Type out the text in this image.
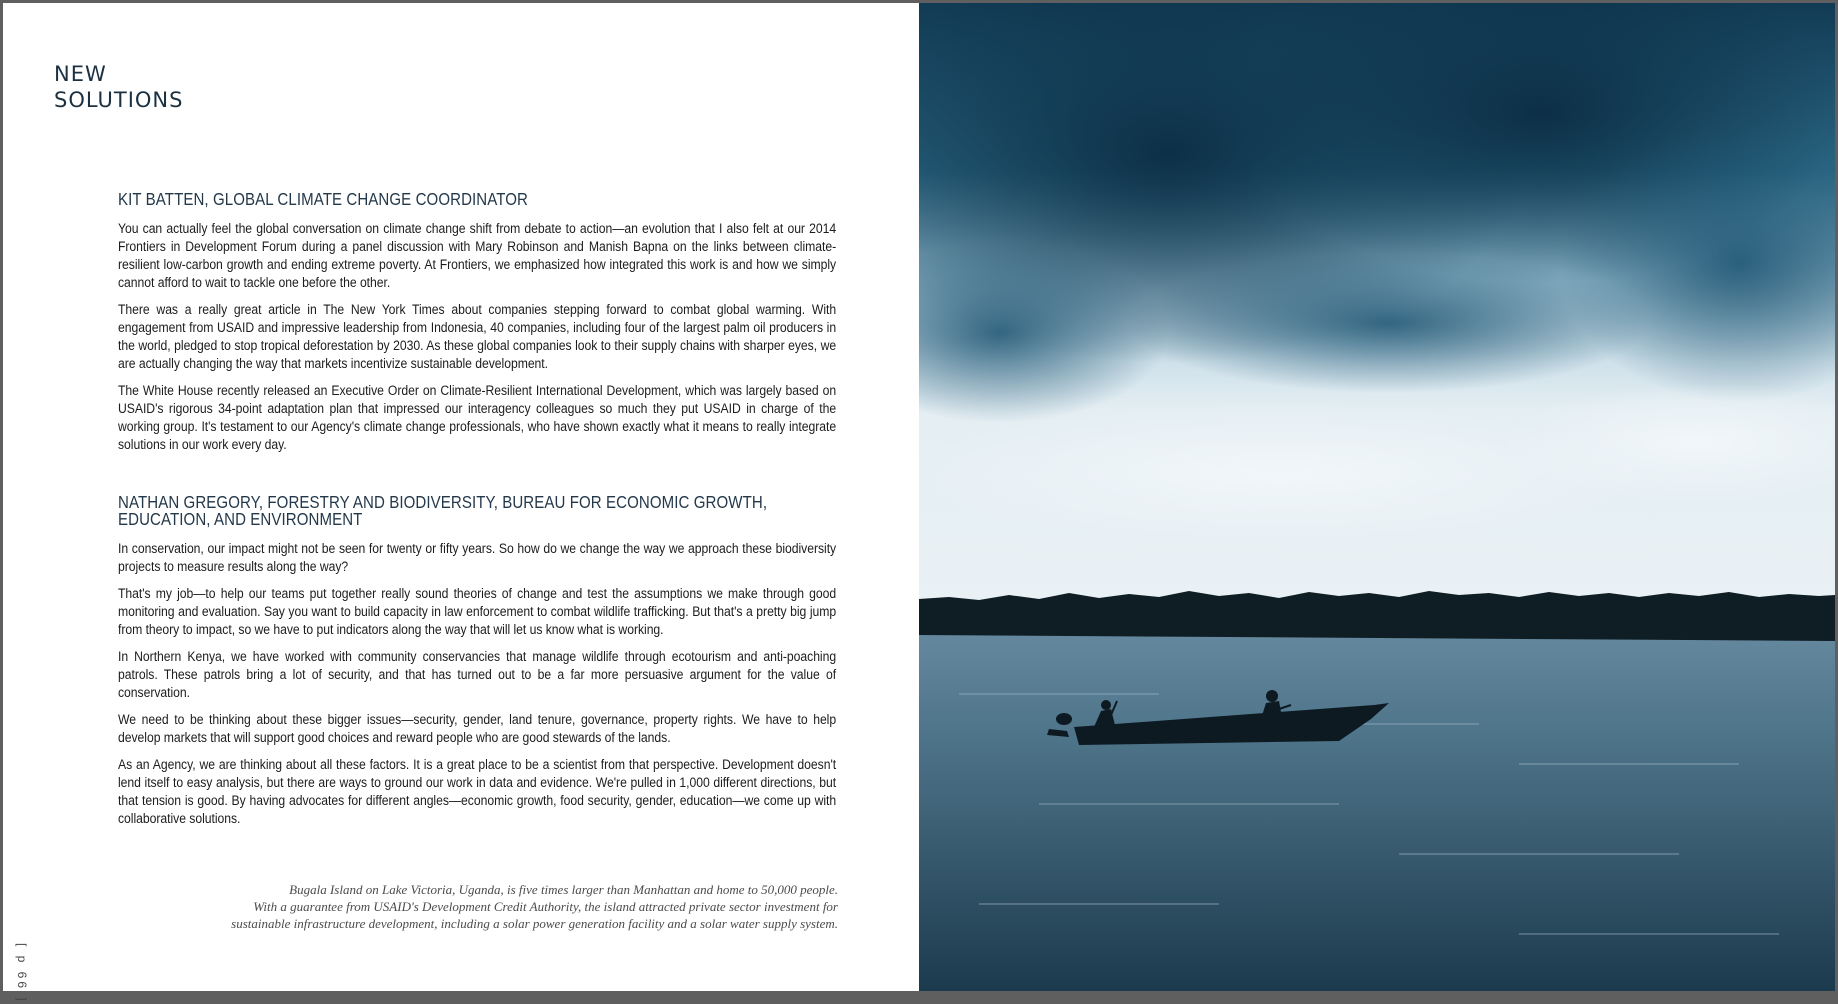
NEW
SOLUTIONS
KIT BATTEN, GLOBAL CLIMATE CHANGE COORDINATOR

You can actually feel the global conversation on climate change shift from debate to action—an evolution that I also felt at our 2014 Frontiers in Development Forum during a panel discussion with Mary Robinson and Manish Bapna on the links between climate-resilient low-carbon growth and ending extreme poverty. At Frontiers, we emphasized how integrated this work is and how we simply cannot afford to wait to tackle one before the other.

There was a really great article in The New York Times about companies stepping forward to combat global warming. With engagement from USAID and impressive leadership from Indonesia, 40 companies, including four of the largest palm oil producers in the world, pledged to stop tropical deforestation by 2030. As these global companies look to their supply chains with sharper eyes, we are actually changing the way that markets incentivize sustainable development.

The White House recently released an Executive Order on Climate-Resilient International Development, which was largely based on USAID's rigorous 34-point adaptation plan that impressed our interagency colleagues so much they put USAID in charge of the working group. It's testament to our Agency's climate change professionals, who have shown exactly what it means to really integrate solutions in our work every day.

NATHAN GREGORY, FORESTRY AND BIODIVERSITY, BUREAU FOR ECONOMIC GROWTH, EDUCATION, AND ENVIRONMENT

In conservation, our impact might not be seen for twenty or fifty years. So how do we change the way we approach these biodiversity projects to measure results along the way?

That's my job—to help our teams put together really sound theories of change and test the assumptions we make through good monitoring and evaluation. Say you want to build capacity in law enforcement to combat wildlife trafficking. But that's a pretty big jump from theory to impact, so we have to put indicators along the way that will let us know what is working.

In Northern Kenya, we have worked with community conservancies that manage wildlife through ecotourism and anti-poaching patrols. These patrols bring a lot of security, and that has turned out to be a far more persuasive argument for the value of conservation.

We need to be thinking about these bigger issues—security, gender, land tenure, governance, property rights. We have to help develop markets that will support good choices and reward people who are good stewards of the lands.

As an Agency, we are thinking about all these factors. It is a great place to be a scientist from that perspective. Development doesn't lend itself to easy analysis, but there are ways to ground our work in data and evidence. We're pulled in 1,000 different directions, but that tension is good. By having advocates for different angles—economic growth, food security, gender, education—we come up with collaborative solutions.

Bugala Island on Lake Victoria, Uganda, is five times larger than Manhattan and home to 50,000 people.
With a guarantee from USAID's Development Credit Authority, the island attracted private sector investment for
sustainable infrastructure development, including a solar power generation facility and a solar water supply system.
[ p 66 ]
